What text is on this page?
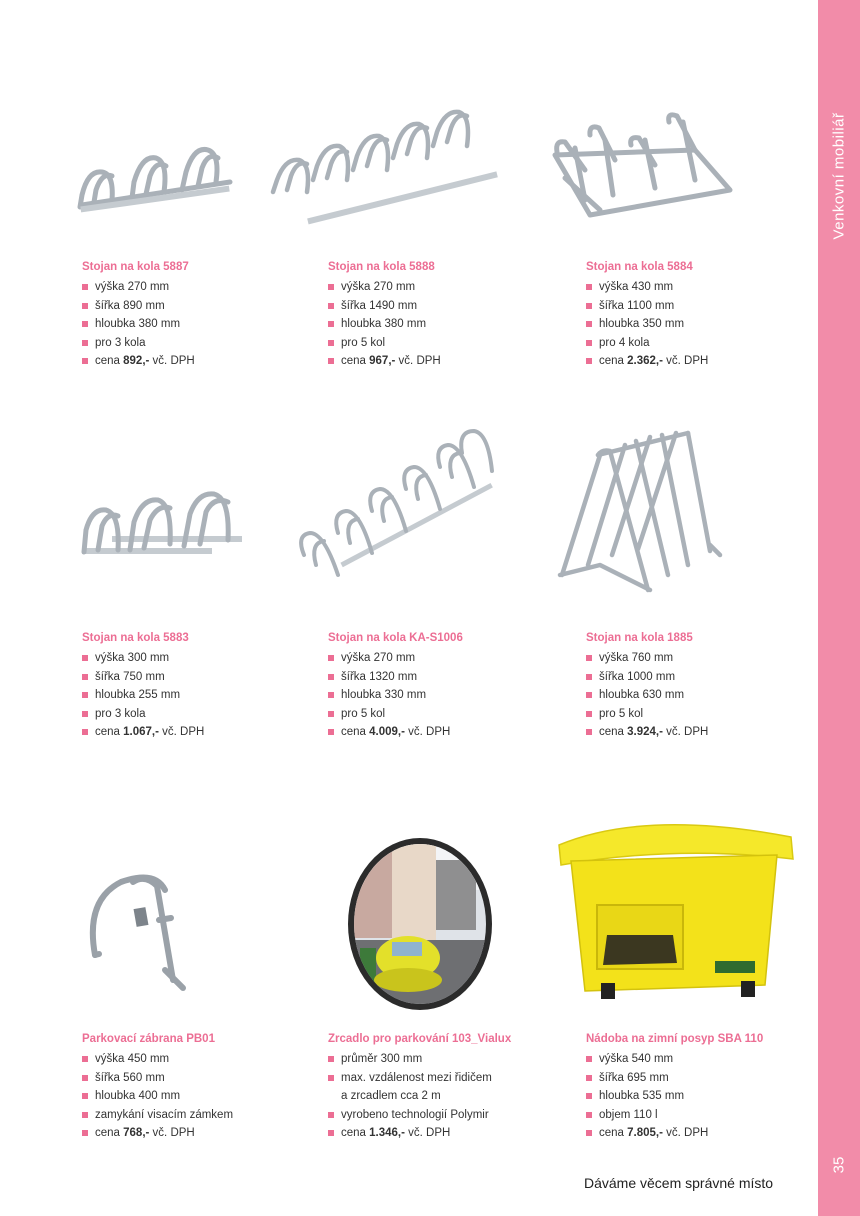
Venkovní mobiliář
35
Stojan na kola 5887
výška 270 mm
šířka 890 mm
hloubka 380 mm
pro 3 kola
cena 892,- vč. DPH
Stojan na kola 5888
výška 270 mm
šířka 1490 mm
hloubka 380 mm
pro 5 kol
cena 967,- vč. DPH
Stojan na kola 5884
výška 430 mm
šířka 1100 mm
hloubka 350 mm
pro 4 kola
cena 2.362,- vč. DPH
Stojan na kola 5883
výška 300 mm
šířka 750 mm
hloubka 255 mm
pro 3 kola
cena 1.067,- vč. DPH
Stojan na kola KA-S1006
výška 270 mm
šířka 1320 mm
hloubka 330 mm
pro 5 kol
cena 4.009,- vč. DPH
Stojan na kola 1885
výška 760 mm
šířka 1000 mm
hloubka 630 mm
pro 5 kol
cena 3.924,- vč. DPH
Parkovací zábrana PB01
výška 450 mm
šířka 560 mm
hloubka 400 mm
zamykání visacím zámkem
cena 768,- vč. DPH
Zrcadlo pro parkování 103_Vialux
průměr 300 mm
max. vzdálenost mezi řidičem
a zrcadlem cca 2 m
vyrobeno technologií Polymir
cena 1.346,- vč. DPH
Nádoba na zimní posyp SBA 110
výška 540 mm
šířka 695 mm
hloubka 535 mm
objem 110 l
cena 7.805,- vč. DPH
Dáváme věcem správné místo
